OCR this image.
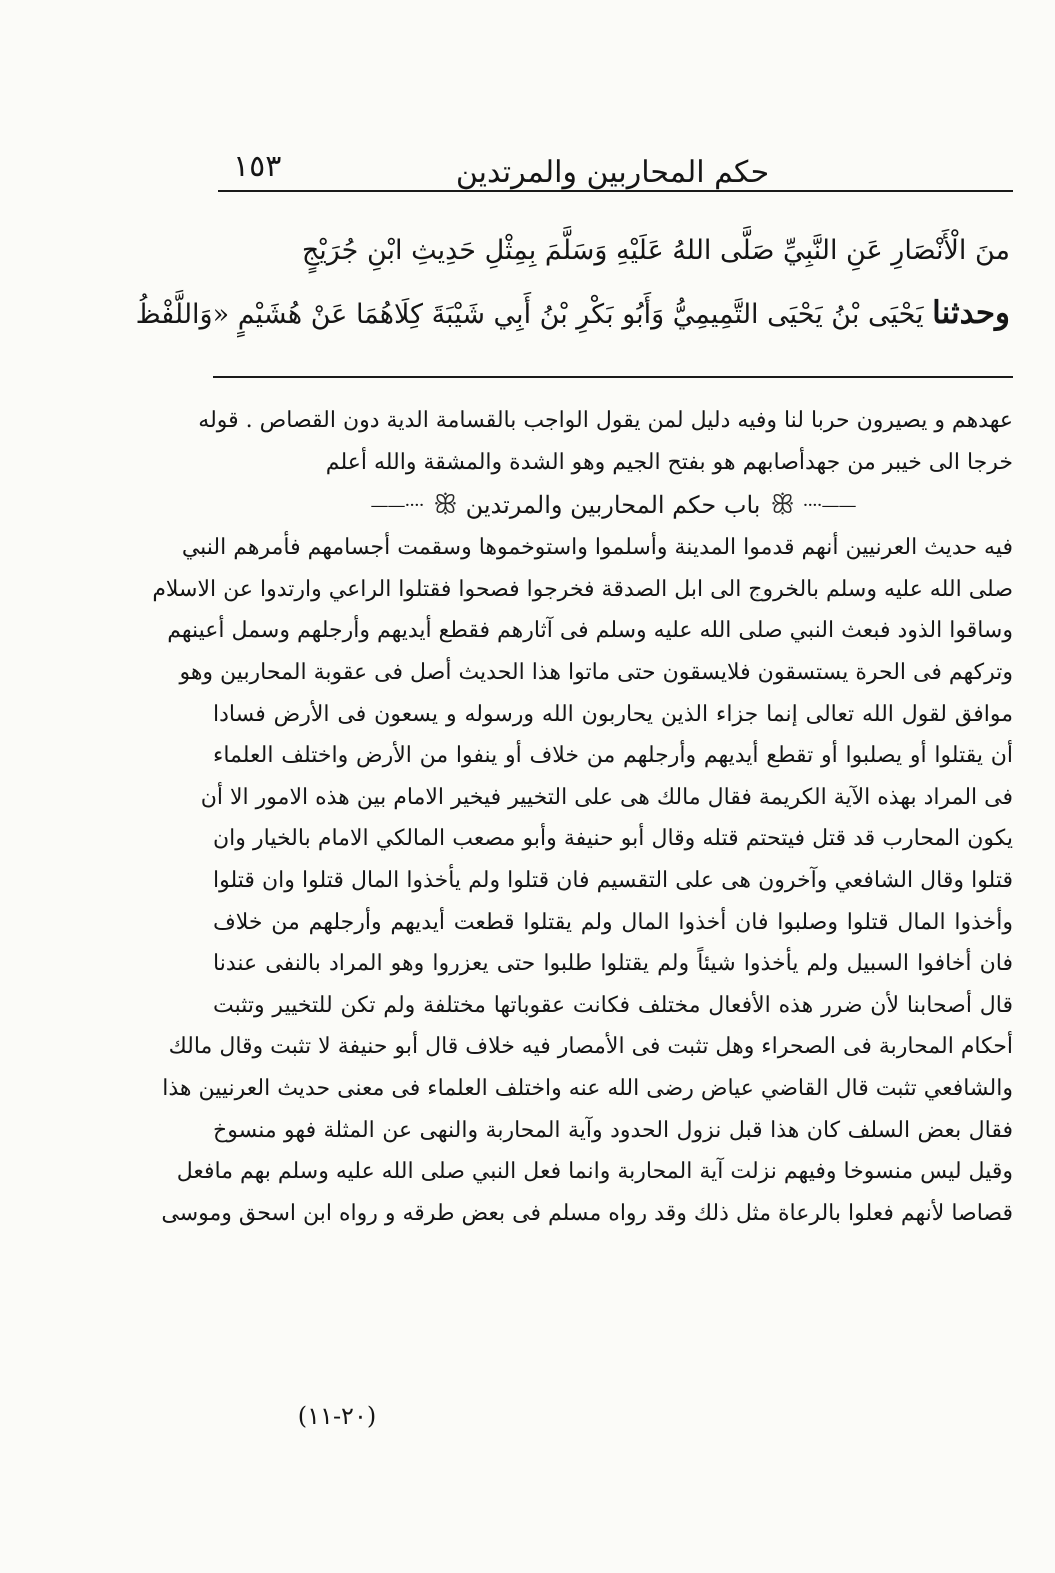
حكم المحاربين والمرتدين
١٥٣
منَ الْأَنْصَارِ عَنِ النَّبِيِّ صَلَّى اللهُ عَلَيْهِ وَسَلَّمَ بِمِثْلِ حَدِيثِ ابْنِ جُرَيْجٍ
وحدثنا يَحْيَى بْنُ يَحْيَى التَّمِيمِيُّ وَأَبُو بَكْرِ بْنُ أَبِي شَيْبَةَ كِلَاهُمَا عَنْ هُشَيْمٍ «وَاللَّفْظُ
عهدهم و يصيرون حربا لنا وفيه دليل لمن يقول الواجب بالقسامة الدية دون القصاص . قوله
خرجا الى خيبر من جهدأصابهم هو بفتح الجيم وهو الشدة والمشقة والله أعلم
——····
ꕥ
باب حكم المحاربين والمرتدين
ꕥ
····——
فيه حديث العرنيين أنهم قدموا المدينة وأسلموا واستوخموها وسقمت أجسامهم فأمرهم النبي
صلى الله عليه وسلم بالخروج الى ابل الصدقة فخرجوا فصحوا فقتلوا الراعي وارتدوا عن الاسلام
وساقوا الذود فبعث النبي صلى الله عليه وسلم فى آثارهم فقطع أيديهم وأرجلهم وسمل أعينهم
وتركهم فى الحرة يستسقون فلايسقون حتى ماتوا هذا الحديث أصل فى عقوبة المحاربين وهو
موافق لقول الله تعالى إنما جزاء الذين يحاربون الله ورسوله و يسعون فى الأرض فسادا
أن يقتلوا أو يصلبوا أو تقطع أيديهم وأرجلهم من خلاف أو ينفوا من الأرض واختلف العلماء
فى المراد بهذه الآية الكريمة فقال مالك هى على التخيير فيخير الامام بين هذه الامور الا أن
يكون المحارب قد قتل فيتحتم قتله وقال أبو حنيفة وأبو مصعب المالكي الامام بالخيار وان
قتلوا وقال الشافعي وآخرون هى على التقسيم فان قتلوا ولم يأخذوا المال قتلوا وان قتلوا
وأخذوا المال قتلوا وصلبوا فان أخذوا المال ولم يقتلوا قطعت أيديهم وأرجلهم من خلاف
فان أخافوا السبيل ولم يأخذوا شيئاً ولم يقتلوا طلبوا حتى يعزروا وهو المراد بالنفى عندنا
قال أصحابنا لأن ضرر هذه الأفعال مختلف فكانت عقوباتها مختلفة ولم تكن للتخيير وتثبت
أحكام المحاربة فى الصحراء وهل تثبت فى الأمصار فيه خلاف قال أبو حنيفة لا تثبت وقال مالك
والشافعي تثبت قال القاضي عياض رضى الله عنه واختلف العلماء فى معنى حديث العرنيين هذا
فقال بعض السلف كان هذا قبل نزول الحدود وآية المحاربة والنهى عن المثلة فهو منسوخ
وقيل ليس منسوخا وفيهم نزلت آية المحاربة وانما فعل النبي صلى الله عليه وسلم بهم مافعل
قصاصا لأنهم فعلوا بالرعاة مثل ذلك وقد رواه مسلم فى بعض طرقه و رواه ابن اسحق وموسى
(٢٠-١١)
